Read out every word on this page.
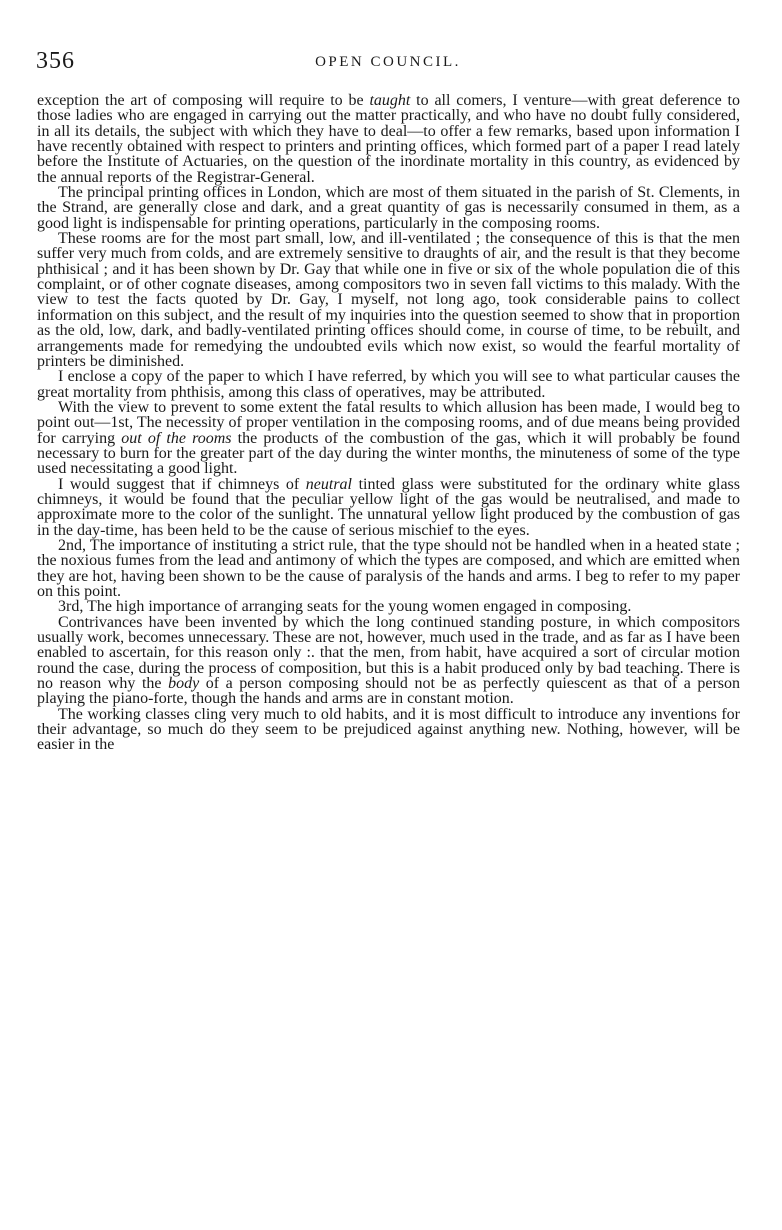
356	OPEN COUNCIL.

exception the art of composing will require to be taught to all comers, I venture—with great deference to those ladies who are engaged in carrying out the matter practically, and who have no doubt fully considered, in all its details, the subject with which they have to deal—to offer a few remarks, based upon information I have recently obtained with respect to printers and printing offices, which formed part of a paper I read lately before the Institute of Actuaries, on the question of the inordinate mortality in this country, as evidenced by the annual reports of the Registrar-General.

The principal printing offices in London, which are most of them situated in the parish of St. Clements, in the Strand, are generally close and dark, and a great quantity of gas is necessarily consumed in them, as a good light is indispensable for printing operations, particularly in the composing rooms.

These rooms are for the most part small, low, and ill-ventilated ; the consequence of this is that the men suffer very much from colds, and are extremely sensitive to draughts of air, and the result is that they become phthisical ; and it has been shown by Dr. Gay that while one in five or six of the whole population die of this complaint, or of other cognate diseases, among compositors two in seven fall victims to this malady. With the view to test the facts quoted by Dr. Gay, I myself, not long ago, took considerable pains to collect information on this subject, and the result of my inquiries into the question seemed to show that in proportion as the old, low, dark, and badly-ventilated printing offices should come, in course of time, to be rebuilt, and arrangements made for remedying the undoubted evils which now exist, so would the fearful mortality of printers be diminished.

I enclose a copy of the paper to which I have referred, by which you will see to what particular causes the great mortality from phthisis, among this class of operatives, may be attributed.

With the view to prevent to some extent the fatal results to which allusion has been made, I would beg to point out—1st, The necessity of proper ventilation in the composing rooms, and of due means being provided for carrying out of the rooms the products of the combustion of the gas, which it will probably be found necessary to burn for the greater part of the day during the winter months, the minuteness of some of the type used necessitating a good light.

I would suggest that if chimneys of neutral tinted glass were substituted for the ordinary white glass chimneys, it would be found that the peculiar yellow light of the gas would be neutralised, and made to approximate more to the color of the sunlight. The unnatural yellow light produced by the combustion of gas in the day-time, has been held to be the cause of serious mischief to the eyes.

2nd, The importance of instituting a strict rule, that the type should not be handled when in a heated state ; the noxious fumes from the lead and antimony of which the types are composed, and which are emitted when they are hot, having been shown to be the cause of paralysis of the hands and arms. I beg to refer to my paper on this point.

3rd, The high importance of arranging seats for the young women engaged in composing.

Contrivances have been invented by which the long continued standing posture, in which compositors usually work, becomes unnecessary. These are not, however, much used in the trade, and as far as I have been enabled to ascertain, for this reason only :. that the men, from habit, have acquired a sort of circular motion round the case, during the process of composition, but this is a habit produced only by bad teaching. There is no reason why the body of a person composing should not be as perfectly quiescent as that of a person playing the piano-forte, though the hands and arms are in constant motion.

The working classes cling very much to old habits, and it is most difficult to introduce any inventions for their advantage, so much do they seem to be prejudiced against anything new. Nothing, however, will be easier in the
